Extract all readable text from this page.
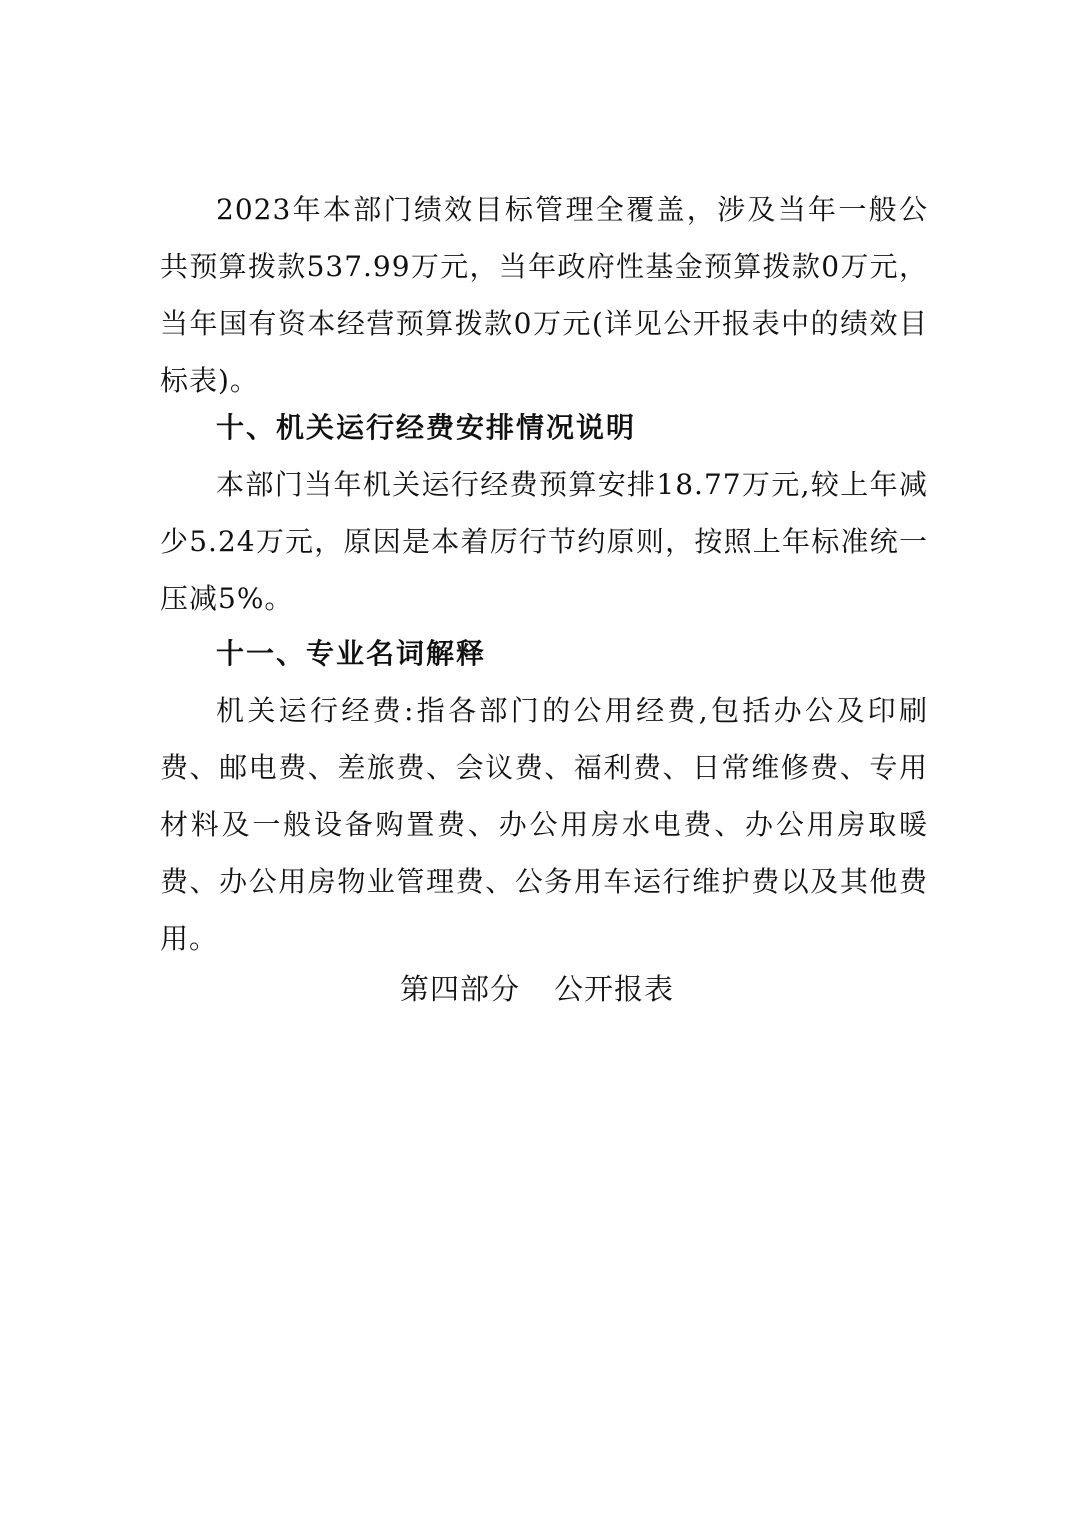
2023年本部门绩效目标管理全覆盖，涉及当年一般公共预算拨款537.99万元，当年政府性基金预算拨款0万元，当年国有资本经营预算拨款0万元(详见公开报表中的绩效目标表)。

十、机关运行经费安排情况说明

本部门当年机关运行经费预算安排18.77万元,较上年减少5.24万元，原因是本着厉行节约原则，按照上年标准统一压减5%。

十一、专业名词解释

机关运行经费:指各部门的公用经费,包括办公及印刷费、邮电费、差旅费、会议费、福利费、日常维修费、专用材料及一般设备购置费、办公用房水电费、办公用房取暖费、办公用房物业管理费、公务用车运行维护费以及其他费用。

第四部分 公开报表
